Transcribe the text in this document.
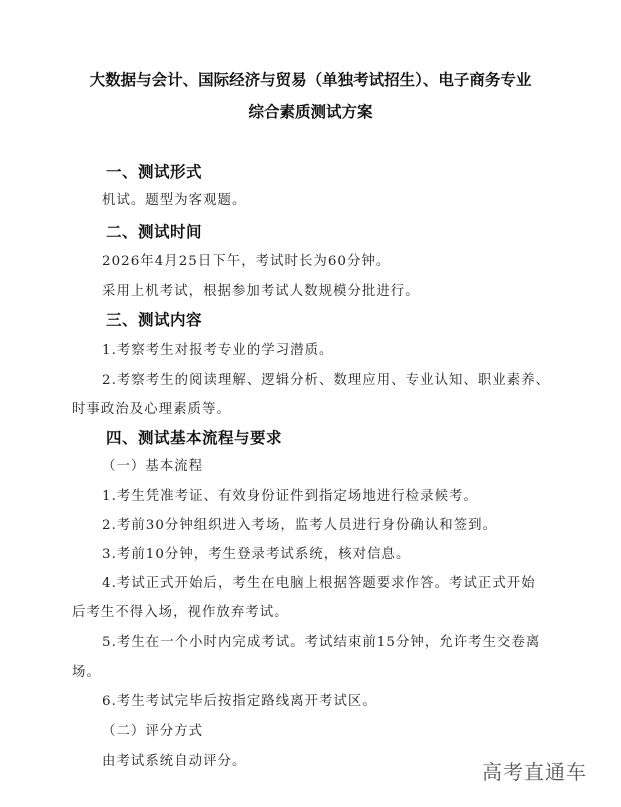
大数据与会计、国际经济与贸易（单独考试招生）、电子商务专业
综合素质测试方案
一、测试形式
机试。题型为客观题。
二、测试时间
2026年4月25日下午，考试时长为60分钟。
采用上机考试，根据参加考试人数规模分批进行。
三、测试内容
1.考察考生对报考专业的学习潜质。
2.考察考生的阅读理解、逻辑分析、数理应用、专业认知、职业素养、
时事政治及心理素质等。
四、测试基本流程与要求
（一）基本流程
1.考生凭准考证、有效身份证件到指定场地进行检录候考。
2.考前30分钟组织进入考场，监考人员进行身份确认和签到。
3.考前10分钟，考生登录考试系统，核对信息。
4.考试正式开始后，考生在电脑上根据答题要求作答。考试正式开始
后考生不得入场，视作放弃考试。
5.考生在一个小时内完成考试。考试结束前15分钟，允许考生交卷离
场。
6.考生考试完毕后按指定路线离开考试区。
（二）评分方式
由考试系统自动评分。	高考直通车
